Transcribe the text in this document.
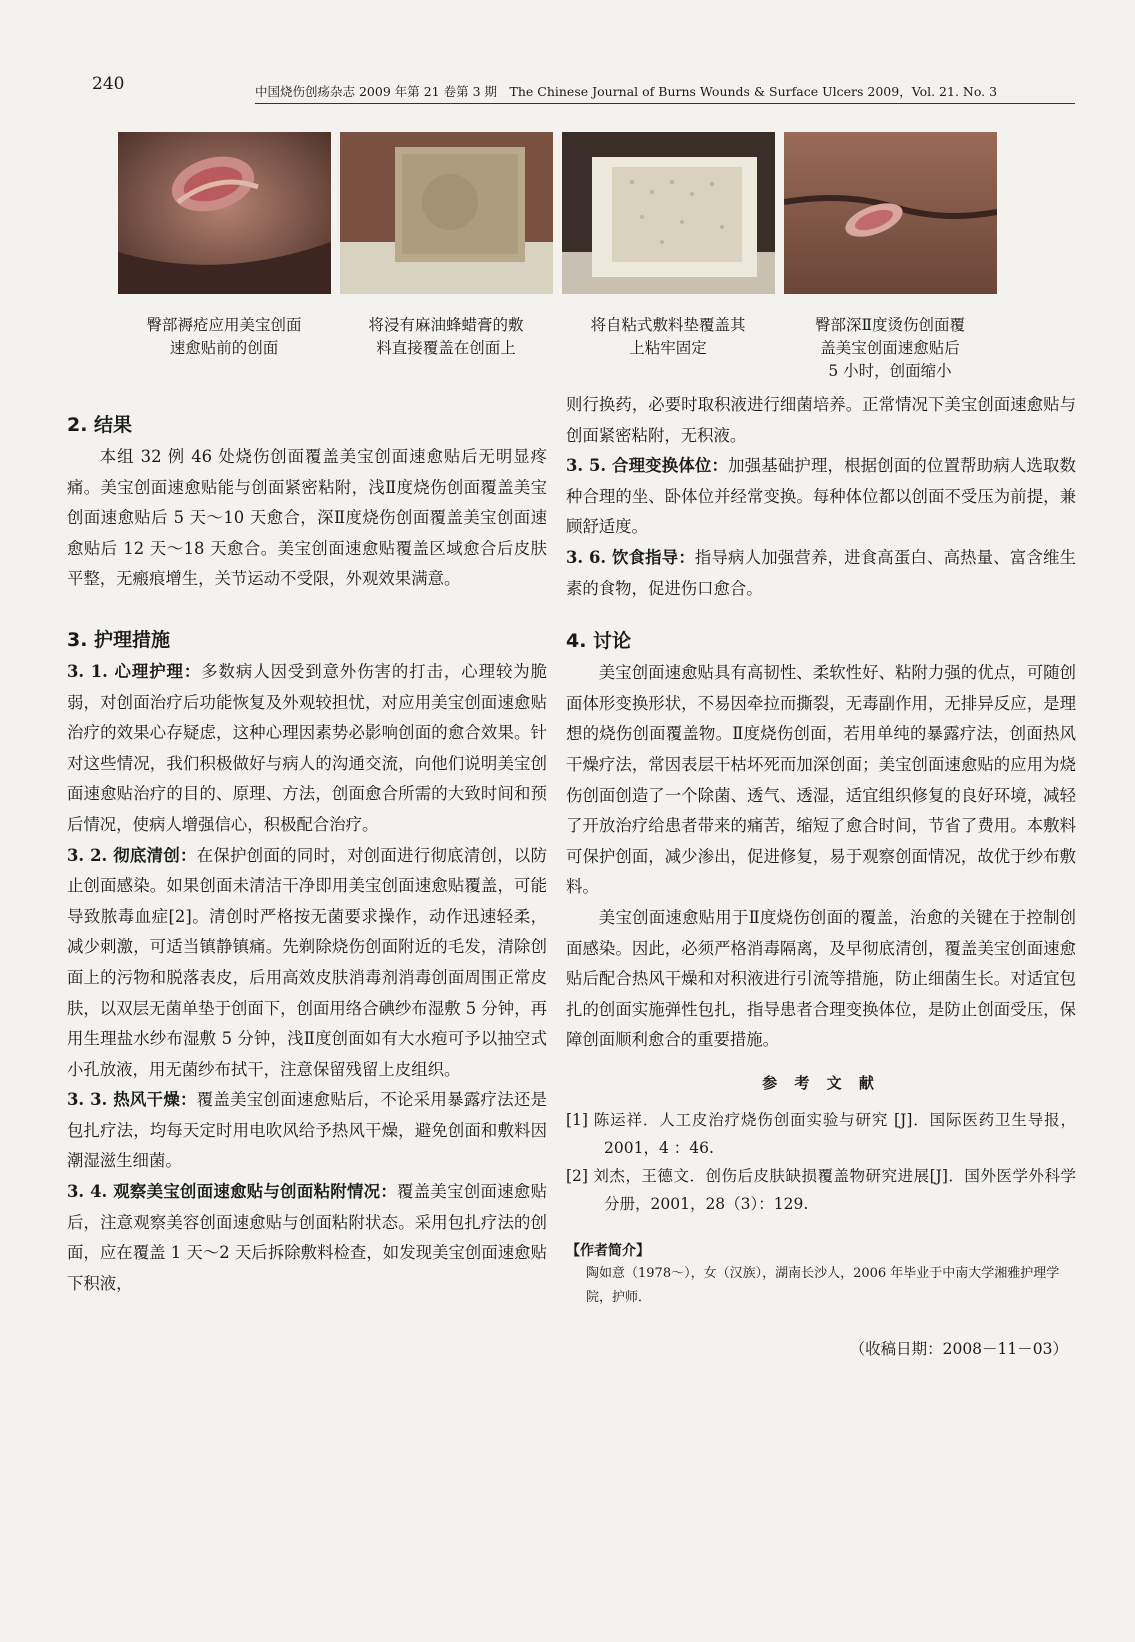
240	中国烧伤创疡杂志 2009 年第 21 卷第 3 期　The Chinese Journal of Burns Wounds & Surface Ulcers 2009，Vol. 21. No. 3
臀部褥疮应用美宝创面
速愈贴前的创面
将浸有麻油蜂蜡膏的敷
料直接覆盖在创面上
将自粘式敷料垫覆盖其
上粘牢固定
臀部深Ⅱ度烫伤创面覆
盖美宝创面速愈贴后
5 小时，创面缩小
2. 结果

本组 32 例 46 处烧伤创面覆盖美宝创面速愈贴后无明显疼痛。美宝创面速愈贴能与创面紧密粘附，浅Ⅱ度烧伤创面覆盖美宝创面速愈贴后 5 天～10 天愈合，深Ⅱ度烧伤创面覆盖美宝创面速愈贴后 12 天～18 天愈合。美宝创面速愈贴覆盖区域愈合后皮肤平整，无瘢痕增生，关节运动不受限，外观效果满意。

3. 护理措施

3. 1. 心理护理：多数病人因受到意外伤害的打击，心理较为脆弱，对创面治疗后功能恢复及外观较担忧，对应用美宝创面速愈贴治疗的效果心存疑虑，这种心理因素势必影响创面的愈合效果。针对这些情况，我们积极做好与病人的沟通交流，向他们说明美宝创面速愈贴治疗的目的、原理、方法，创面愈合所需的大致时间和预后情况，使病人增强信心，积极配合治疗。

3. 2. 彻底清创：在保护创面的同时，对创面进行彻底清创，以防止创面感染。如果创面未清洁干净即用美宝创面速愈贴覆盖，可能导致脓毒血症[2]。清创时严格按无菌要求操作，动作迅速轻柔，减少刺激，可适当镇静镇痛。先剃除烧伤创面附近的毛发，清除创面上的污物和脱落表皮，后用高效皮肤消毒剂消毒创面周围正常皮肤，以双层无菌单垫于创面下，创面用络合碘纱布湿敷 5 分钟，再用生理盐水纱布湿敷 5 分钟，浅Ⅱ度创面如有大水疱可予以抽空式小孔放液，用无菌纱布拭干，注意保留残留上皮组织。

3. 3. 热风干燥：覆盖美宝创面速愈贴后，不论采用暴露疗法还是包扎疗法，均每天定时用电吹风给予热风干燥，避免创面和敷料因潮湿滋生细菌。

3. 4. 观察美宝创面速愈贴与创面粘附情况：覆盖美宝创面速愈贴后，注意观察美容创面速愈贴与创面粘附状态。采用包扎疗法的创面，应在覆盖 1 天～2 天后拆除敷料检查，如发现美宝创面速愈贴下积液，

则行换药，必要时取积液进行细菌培养。正常情况下美宝创面速愈贴与创面紧密粘附，无积液。

3. 5. 合理变换体位：加强基础护理，根据创面的位置帮助病人选取数种合理的坐、卧体位并经常变换。每种体位都以创面不受压为前提，兼顾舒适度。

3. 6. 饮食指导：指导病人加强营养，进食高蛋白、高热量、富含维生素的食物，促进伤口愈合。

4. 讨论

美宝创面速愈贴具有高韧性、柔软性好、粘附力强的优点，可随创面体形变换形状，不易因牵拉而撕裂，无毒副作用，无排异反应，是理想的烧伤创面覆盖物。Ⅱ度烧伤创面，若用单纯的暴露疗法，创面热风干燥疗法，常因表层干枯坏死而加深创面；美宝创面速愈贴的应用为烧伤创面创造了一个除菌、透气、透湿，适宜组织修复的良好环境，减轻了开放治疗给患者带来的痛苦，缩短了愈合时间，节省了费用。本敷料可保护创面，减少渗出，促进修复，易于观察创面情况，故优于纱布敷料。

美宝创面速愈贴用于Ⅱ度烧伤创面的覆盖，治愈的关键在于控制创面感染。因此，必须严格消毒隔离，及早彻底清创，覆盖美宝创面速愈贴后配合热风干燥和对积液进行引流等措施，防止细菌生长。对适宜包扎的创面实施弹性包扎，指导患者合理变换体位，是防止创面受压，保障创面顺利愈合的重要措施。

参 考 文 献

[1] 陈运祥．人工皮治疗烧伤创面实验与研究 [J]．国际医药卫生导报，2001，4 ：46.

[2] 刘杰，王德文．创伤后皮肤缺损覆盖物研究进展[J]．国外医学外科学分册，2001，28（3）：129.

【作者简介】
陶如意（1978～），女（汉族），湖南长沙人，2006 年毕业于中南大学湘雅护理学院，护师．
（收稿日期：2008－11－03）
